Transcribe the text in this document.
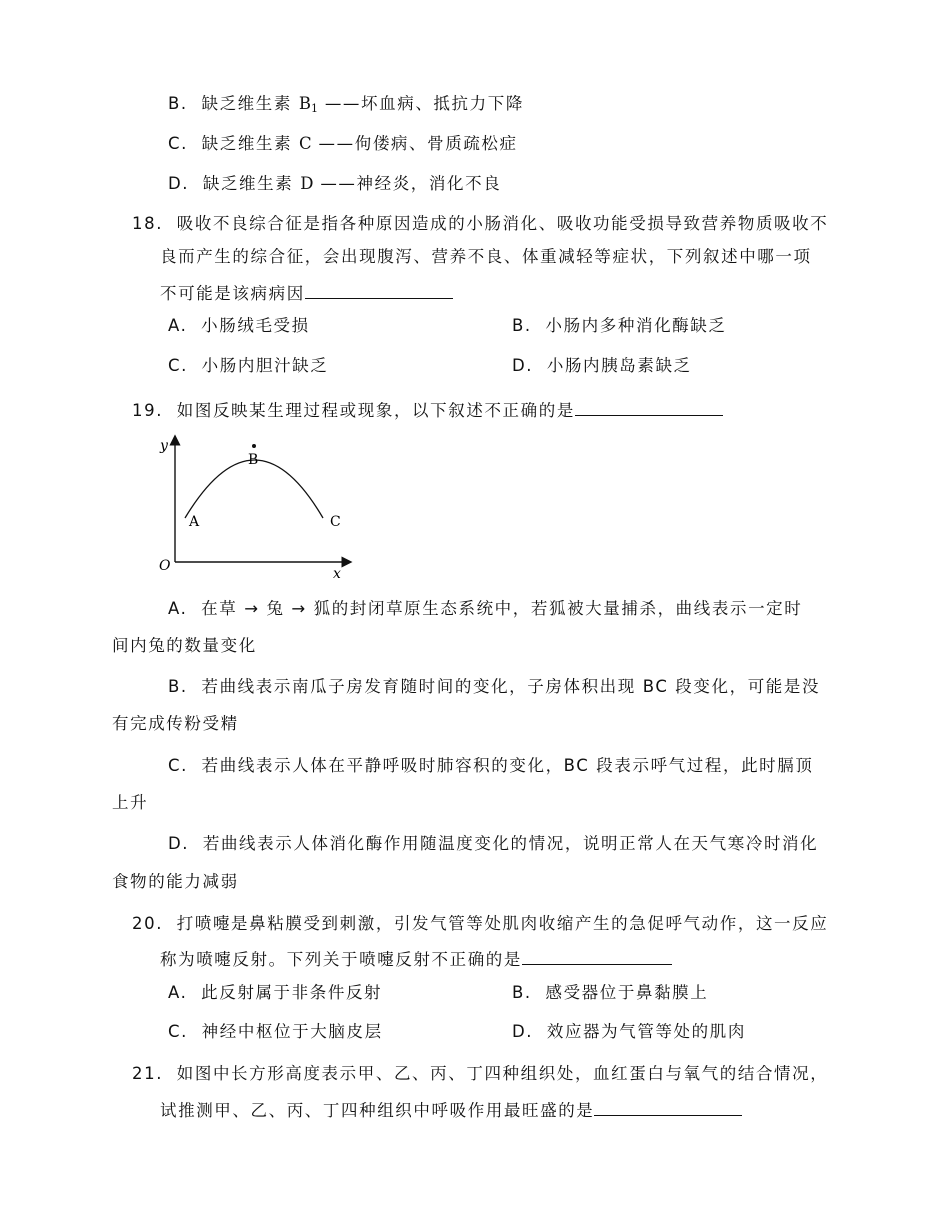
B. 缺乏维生素 $B_1$ ——坏血病、抵抗力下降
C. 缺乏维生素 C ——佝偻病、骨质疏松症
D. 缺乏维生素 D ——神经炎，消化不良
18. 吸收不良综合征是指各种原因造成的小肠消化、吸收功能受损导致营养物质吸收不
良而产生的综合征，会出现腹泻、营养不良、体重减轻等症状，下列叙述中哪一项
不可能是该病病因
A. 小肠绒毛受损	B. 小肠内多种消化酶缺乏
C. 小肠内胆汁缺乏	D. 小肠内胰岛素缺乏
19. 如图反映某生理过程或现象，以下叙述不正确的是
y
x
O
A
B
C
A. 在草 → 兔 → 狐的封闭草原生态系统中，若狐被大量捕杀，曲线表示一定时
间内兔的数量变化
B. 若曲线表示南瓜子房发育随时间的变化，子房体积出现 BC 段变化，可能是没
有完成传粉受精
C. 若曲线表示人体在平静呼吸时肺容积的变化，BC 段表示呼气过程，此时膈顶
上升
D. 若曲线表示人体消化酶作用随温度变化的情况，说明正常人在天气寒冷时消化
食物的能力减弱
20. 打喷嚏是鼻粘膜受到刺激，引发气管等处肌肉收缩产生的急促呼气动作，这一反应
称为喷嚏反射。下列关于喷嚏反射不正确的是
A. 此反射属于非条件反射	B. 感受器位于鼻黏膜上
C. 神经中枢位于大脑皮层	D. 效应器为气管等处的肌肉
21. 如图中长方形高度表示甲、乙、丙、丁四种组织处，血红蛋白与氧气的结合情况，
试推测甲、乙、丙、丁四种组织中呼吸作用最旺盛的是
